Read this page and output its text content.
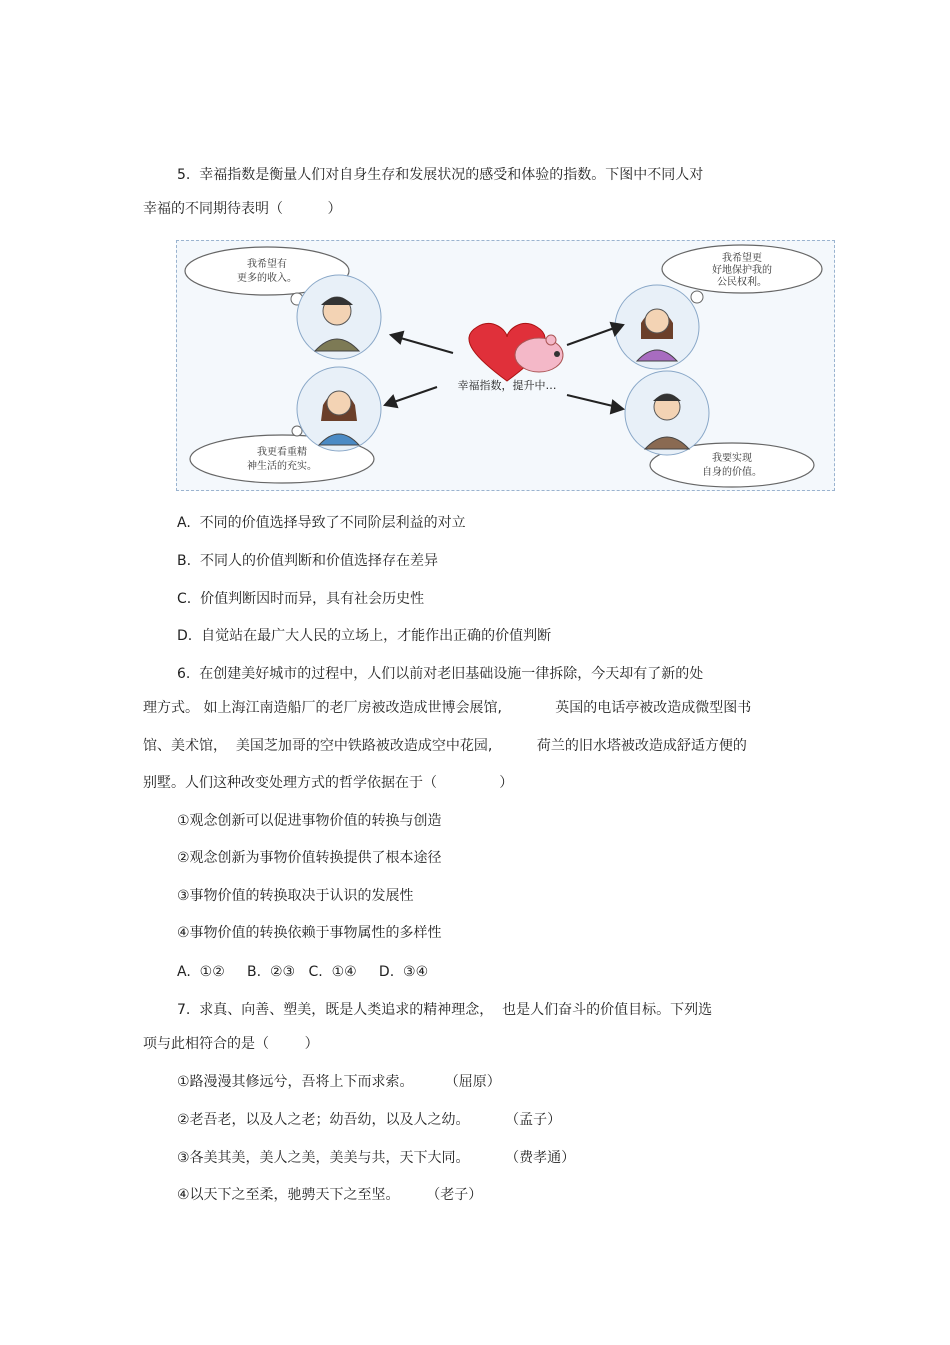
5.  幸福指数是衡量人们对自身生存和发展状况的感受和体验的指数。下图中不同人对
幸福的不同期待表明（          ）
我希望有
更多的收入。
我希望更
好地保护我的
公民权利。
我更看重精
神生活的充实。
我要实现
自身的价值。
幸福指数，提升中…
A.  不同的价值选择导致了不同阶层利益的对立
B.  不同人的价值判断和价值选择存在差异
C.  价值判断因时而异，具有社会历史性
D.  自觉站在最广大人民的立场上，才能作出正确的价值判断
6.  在创建美好城市的过程中，人们以前对老旧基础设施一律拆除，今天却有了新的处
理方式。 如上海江南造船厂的老厂房被改造成世博会展馆,            英国的电话亭被改造成微型图书
馆、美术馆，  美国芝加哥的空中铁路被改造成空中花园,          荷兰的旧水塔被改造成舒适方便的
别墅。人们这种改变处理方式的哲学依据在于（              ）
①观念创新可以促进事物价值的转换与创造
②观念创新为事物价值转换提供了根本途径
③事物价值的转换取决于认识的发展性
④事物价值的转换依赖于事物属性的多样性
A.  ①②     B.  ②③   C.  ①④     D.  ③④
7.  求真、向善、塑美，既是人类追求的精神理念，  也是人们奋斗的价值目标。下列选
项与此相符合的是（        ）
①路漫漫其修远兮，吾将上下而求索。       （屈原）
②老吾老，以及人之老；幼吾幼，以及人之幼。        （孟子）
③各美其美，美人之美，美美与共，天下大同。        （费孝通）
④以天下之至柔，驰骋天下之至坚。      （老子）
